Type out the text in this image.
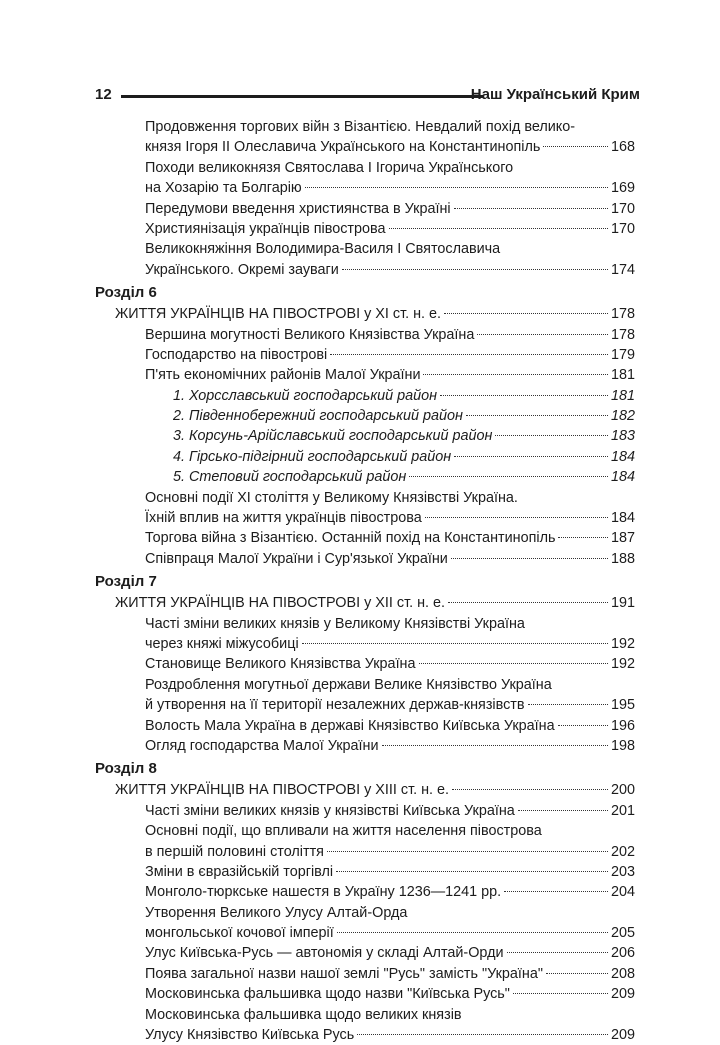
12	Наш Український Крим
Продовження торгових війн з Візантією. Невдалий похід велико-
князя Ігоря ІІ Олеславича Українського на Константинопіль	168
Походи великокнязя Святослава І Ігорича Українського
на Хозарію та Болгарію	169
Передумови введення християнства в Україні	170
Християнізація українців півострова	170
Великокняжіння Володимира-Василя І Святославича
Українського. Окремі зауваги	174
Розділ 6
ЖИТТЯ УКРАЇНЦІВ НА ПІВОСТРОВІ у ХІ ст. н. е.	178
Вершина могутності Великого Князівства Україна	178
Господарство на півострові	179
П'ять економічних районів Малої України	181
1. Хорсславський господарський район	181
2. Південнобережний господарський район	182
3. Корсунь-Арійславський господарський район	183
4. Гірсько-підгірний господарський район	184
5. Степовий господарський район	184
Основні події ХІ століття у Великому Князівстві Україна.
Їхній вплив на життя українців півострова	184
Торгова війна з Візантією. Останній похід на Константинопіль	187
Співпраця Малої України і Сур'язької України	188
Розділ 7
ЖИТТЯ УКРАЇНЦІВ НА ПІВОСТРОВІ у ХІІ ст. н. е.	191
Часті зміни великих князів у Великому Князівстві Україна
через княжі міжусобиці	192
Становище Великого Князівства Україна	192
Роздроблення могутньої держави Велике Князівство Україна
й утворення на її території незалежних держав-князівств	195
Волость Мала Україна в державі Князівство Київська Україна	196
Огляд господарства Малої України	198
Розділ 8
ЖИТТЯ УКРАЇНЦІВ НА ПІВОСТРОВІ у ХІІІ ст. н. е.	200
Часті зміни великих князів у князівстві Київська Україна	201
Основні події, що впливали на життя населення півострова
в першій половині століття	202
Зміни в євразійській торгівлі	203
Монголо-тюркське нашестя в Україну 1236—1241 рр.	204
Утворення Великого Улусу Алтай-Орда
монгольської кочової імперії	205
Улус Київська-Русь — автономія у складі Алтай-Орди	206
Поява загальної назви нашої землі "Русь" замість "Україна"	208
Московинська фальшивка щодо назви "Київська Русь"	209
Московинська фальшивка щодо великих князів
Улусу Князівство Київська Русь	209
